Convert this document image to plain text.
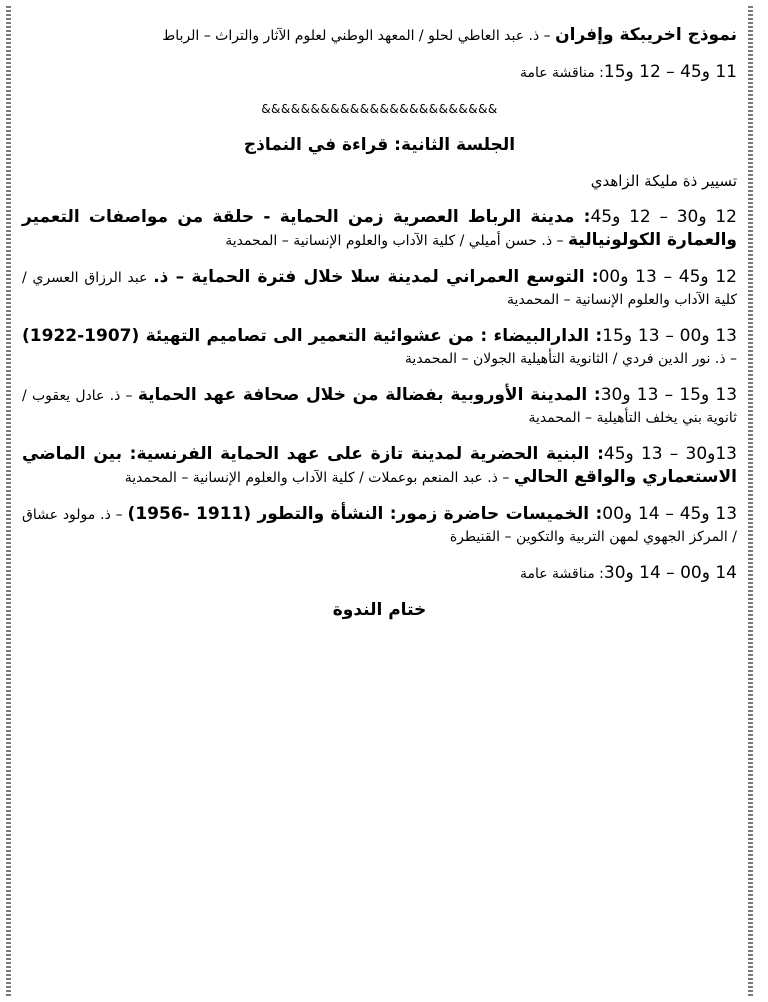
نموذج اخريبكة وإفران – ذ. عبد العاطي لحلو / المعهد الوطني لعلوم الآثار والتراث – الرباط

11 و45 – 12 و15: مناقشة عامة

&&&&&&&&&&&&&&&&&&&&&&&&

الجلسة الثانية: قراءة في النماذج

تسيير ذة مليكة الزاهدي

12 و30 – 12 و45: مدينة الرباط العصرية زمن الحماية - حلقة من مواصفات التعمير والعمارة الكولونيالية – ذ. حسن أميلي / كلية الآداب والعلوم الإنسانية – المحمدية

12 و45 – 13 و00: التوسع العمراني لمدينة سلا خلال فترة الحماية – ذ. عبد الرزاق العسري / كلية الآداب والعلوم الإنسانية – المحمدية

13 و00 – 13 و15: الدارالبيضاء : من عشوائية التعمير الى تصاميم التهيئة (1907-1922) – ذ. نور الدين فردي / الثانوية التأهيلية الجولان – المحمدية

13 و15 – 13 و30: المدينة الأوروبية بفضالة من خلال صحافة عهد الحماية – ذ. عادل يعقوب / ثانوية بني يخلف التأهيلية – المحمدية

13و30 – 13 و45: البنية الحضرية لمدينة تازة على عهد الحماية الفرنسية: بين الماضي الاستعماري والواقع الحالي – ذ. عبد المنعم بوعملات / كلية الآداب والعلوم الإنسانية – المحمدية

13 و45 – 14 و00: الخميسات حاضرة زمور: النشأة والتطور (1911 -1956) – ذ. مولود عشاق / المركز الجهوي لمهن التربية والتكوين – القنيطرة

14 و00 – 14 و30: مناقشة عامة

ختام الندوة
